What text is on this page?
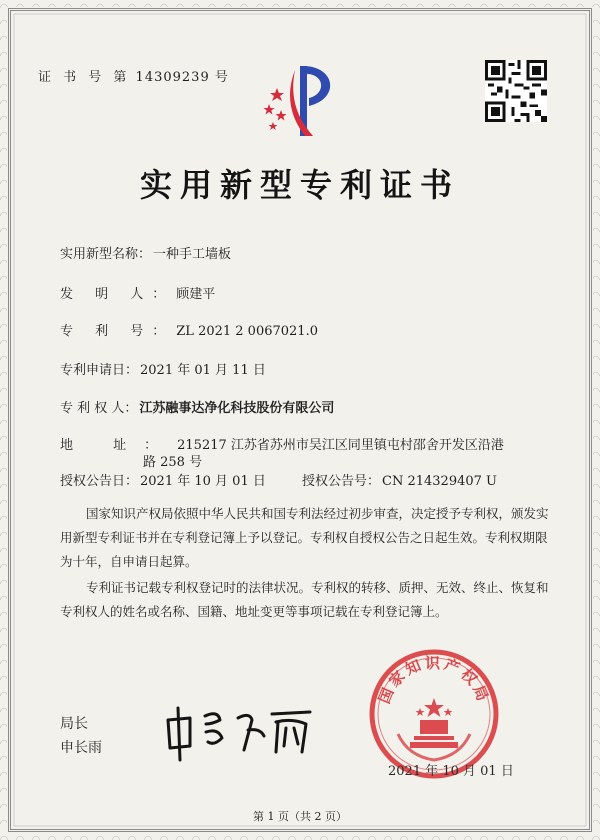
证 书 号 第 14309239 号
实用新型专利证书
实用新型名称： 一种手工墙板
发 明 人： 顾建平
专 利 号： ZL 2021 2 0067021.0
专利申请日： 2021 年 01 月 11 日
专 利 权 人： 江苏融事达净化科技股份有限公司
地 址： 215217 江苏省苏州市吴江区同里镇屯村邵舍开发区沿港
路 258 号
授权公告日： 2021 年 10 月 01 日	授权公告号： CN 214329407 U
国家知识产权局依照中华人民共和国专利法经过初步审查，决定授予专利权，颁发实用新型专利证书并在专利登记簿上予以登记。专利权自授权公告之日起生效。专利权期限为十年，自申请日起算。
专利证书记载专利权登记时的法律状况。专利权的转移、质押、无效、终止、恢复和专利权人的姓名或名称、国籍、地址变更等事项记载在专利登记簿上。
局长
申长雨
国家知识产权局
2021 年 10 月 01 日
第 1 页（共 2 页）
